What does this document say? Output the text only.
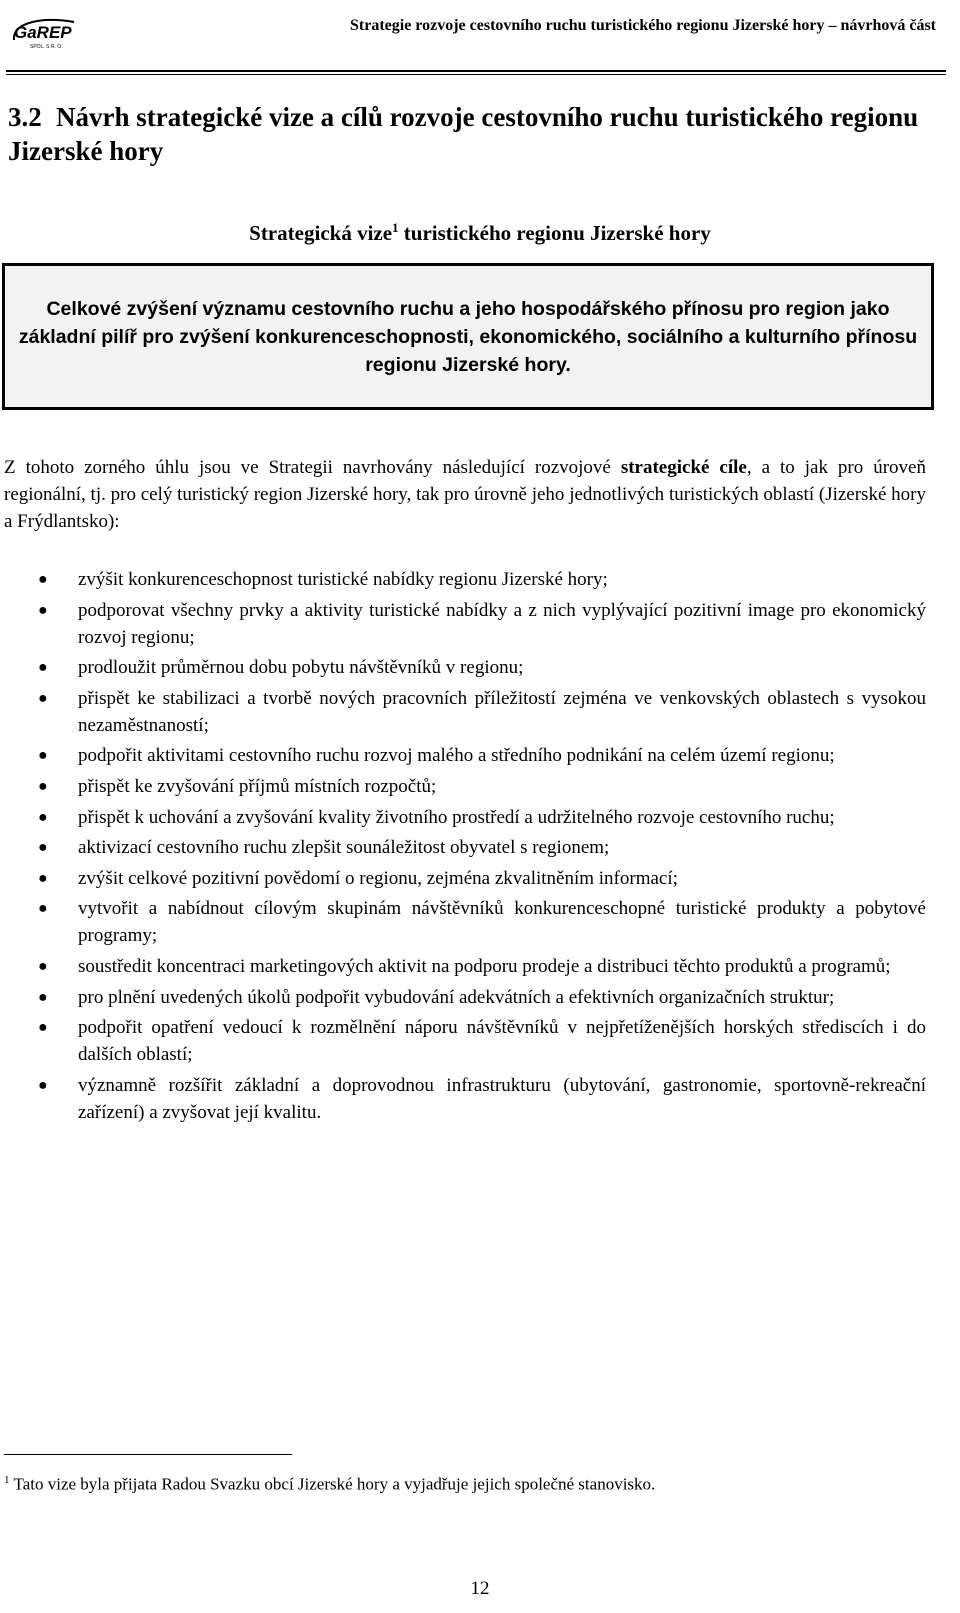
GaREP
SPOL. S R. O.
Strategie rozvoje cestovního ruchu turistického regionu Jizerské hory – návrhová část
3.2 Návrh strategické vize a cílů rozvoje cestovního ruchu turistického regionu Jizerské hory
Strategická vize$^1$ turistického regionu Jizerské hory

Celkové zvýšení významu cestovního ruchu a jeho hospodářského přínosu pro region jako základní pilíř pro zvýšení konkurenceschopnosti, ekonomického, sociálního a kulturního přínosu regionu Jizerské hory.

Z tohoto zorného úhlu jsou ve Strategii navrhovány následující rozvojové strategické cíle, a to jak pro úroveň regionální, tj. pro celý turistický region Jizerské hory, tak pro úrovně jeho jednotlivých turistických oblastí (Jizerské hory a Frýdlantsko):

● zvýšit konkurenceschopnost turistické nabídky regionu Jizerské hory;
● podporovat všechny prvky a aktivity turistické nabídky a z nich vyplývající pozitivní image pro ekonomický rozvoj regionu;
● prodloužit průměrnou dobu pobytu návštěvníků v regionu;
● přispět ke stabilizaci a tvorbě nových pracovních příležitostí zejména ve venkovských oblastech s vysokou nezaměstnaností;
● podpořit aktivitami cestovního ruchu rozvoj malého a středního podnikání na celém území regionu;
● přispět ke zvyšování příjmů místních rozpočtů;
● přispět k uchování a zvyšování kvality životního prostředí a udržitelného rozvoje cestovního ruchu;
● aktivizací cestovního ruchu zlepšit sounáležitost obyvatel s regionem;
● zvýšit celkové pozitivní povědomí o regionu, zejména zkvalitněním informací;
● vytvořit a nabídnout cílovým skupinám návštěvníků konkurenceschopné turistické produkty a pobytové programy;
● soustředit koncentraci marketingových aktivit na podporu prodeje a distribuci těchto produktů a programů;
● pro plnění uvedených úkolů podpořit vybudování adekvátních a efektivních organizačních struktur;
● podpořit opatření vedoucí k rozmělnění náporu návštěvníků v nejpřetíženějších horských střediscích i do dalších oblastí;
● významně rozšířit základní a doprovodnou infrastrukturu (ubytování, gastronomie, sportovně-rekreační zařízení) a zvyšovat její kvalitu.
$^1$ Tato vize byla přijata Radou Svazku obcí Jizerské hory a vyjadřuje jejich společné stanovisko.
12
